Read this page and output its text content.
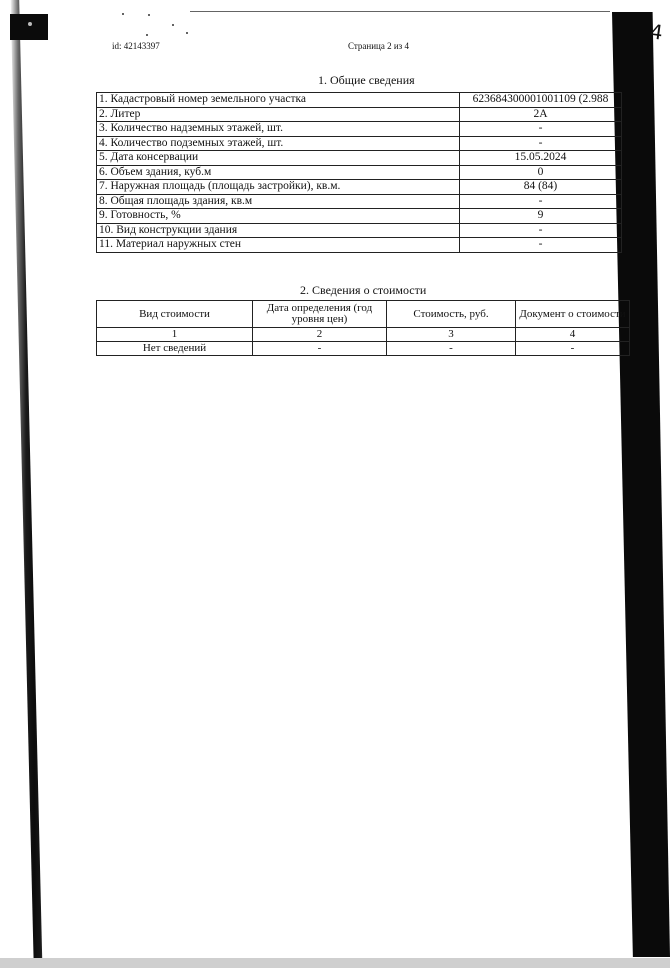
4
id: 42143397	Страница 2 из 4
1. Общие сведения
1. Кадастровый номер земельного участка	623684300001001109 (2.988
2. Литер	2А
3. Количество надземных этажей, шт.	-
4. Количество подземных этажей, шт.	-
5. Дата консервации	15.05.2024
6. Объем здания, куб.м	0
7. Наружная площадь (площадь застройки), кв.м.	84 (84)
8. Общая площадь здания, кв.м	-
9. Готовность, %	9
10. Вид конструкции здания	-
11. Материал наружных стен	-
2. Сведения о стоимости
Вид стоимости	Дата определения (год уровня цен)	Стоимость, руб.	Документ о стоимости
1	2	3	4
Нет сведений	-	-	-
